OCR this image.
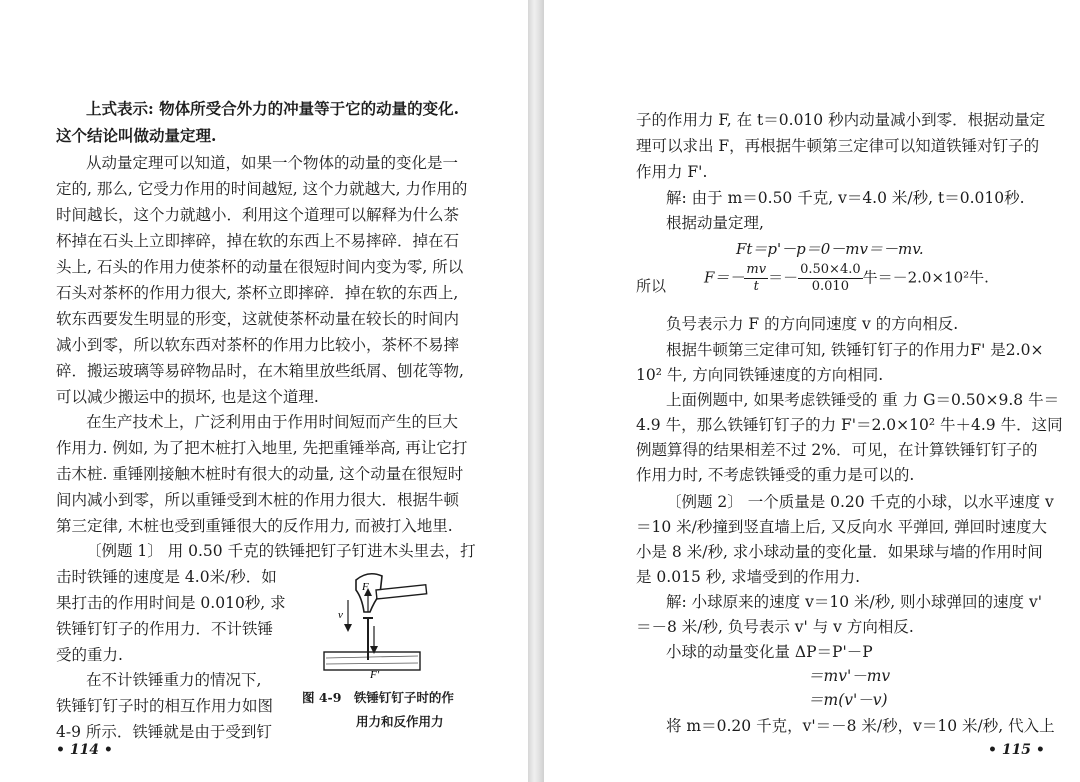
上式表示: 物体所受合外力的冲量等于它的动量的变化.
这个结论叫做动量定理.
从动量定理可以知道，如果一个物体的动量的变化是一
定的, 那么, 它受力作用的时间越短, 这个力就越大, 力作用的
时间越长，这个力就越小．利用这个道理可以解释为什么茶
杯掉在石头上立即摔碎，掉在软的东西上不易摔碎．掉在石
头上, 石头的作用力使茶杯的动量在很短时间内变为零, 所以
石头对茶杯的作用力很大, 茶杯立即摔碎．掉在软的东西上,
软东西要发生明显的形变，这就使茶杯动量在较长的时间内
减小到零，所以软东西对茶杯的作用力比较小，茶杯不易摔
碎．搬运玻璃等易碎物品时，在木箱里放些纸屑、刨花等物,
可以减少搬运中的损坏, 也是这个道理.
在生产技术上，广泛利用由于作用时间短而产生的巨大
作用力. 例如, 为了把木桩打入地里, 先把重锤举高, 再让它打
击木桩. 重锤刚接触木桩时有很大的动量, 这个动量在很短时
间内减小到零，所以重锤受到木桩的作用力很大．根据牛顿
第三定律, 木桩也受到重锤很大的反作用力, 而被打入地里.
〔例题 1〕 用 0.50 千克的铁锤把钉子钉进木头里去，打
击时铁锤的速度是 4.0米/秒．如
果打击的作用时间是 0.010秒, 求
铁锤钉钉子的作用力．不计铁锤
受的重力.
在不计铁锤重力的情况下,
铁锤钉钉子时的相互作用力如图
4-9 所示．铁锤就是由于受到钉
F
v
F'
图 4-9　铁锤钉钉子时的作
用力和反作用力
• 114 •
子的作用力 F, 在 t＝0.010 秒内动量减小到零．根据动量定
理可以求出 F，再根据牛顿第三定律可以知道铁锤对钉子的
作用力 F'.
解: 由于 m＝0.50 千克, v＝4.0 米/秒, t＝0.010秒.
根据动量定理,
Ft＝p'－p＝0－mv＝－mv.
所以	$F=- \frac{mv}{t} =- \frac{0.50\times 4.0}{0.010}$ 牛＝－2.0×10²牛.
负号表示力 F 的方向同速度 v 的方向相反.
根据牛顿第三定律可知, 铁锤钉钉子的作用力F' 是2.0×
10² 牛, 方向同铁锤速度的方向相同.
上面例题中, 如果考虑铁锤受的 重 力 G＝0.50×9.8 牛＝
4.9 牛，那么铁锤钉钉子的力 F'＝2.0×10² 牛＋4.9 牛．这同
例题算得的结果相差不过 2%．可见，在计算铁锤钉钉子的
作用力时, 不考虑铁锤受的重力是可以的.
〔例题 2〕 一个质量是 0.20 千克的小球，以水平速度 v
＝10 米/秒撞到竖直墙上后, 又反向水 平弹回, 弹回时速度大
小是 8 米/秒, 求小球动量的变化量．如果球与墙的作用时间
是 0.015 秒, 求墙受到的作用力.
解: 小球原来的速度 v＝10 米/秒, 则小球弹回的速度 v'
＝－8 米/秒, 负号表示 v' 与 v 方向相反.
小球的动量变化量 ΔP＝P'－P
＝mv'－mv
＝m(v'－v)
将 m＝0.20 千克，v'＝－8 米/秒，v＝10 米/秒, 代入上
• 115 •
